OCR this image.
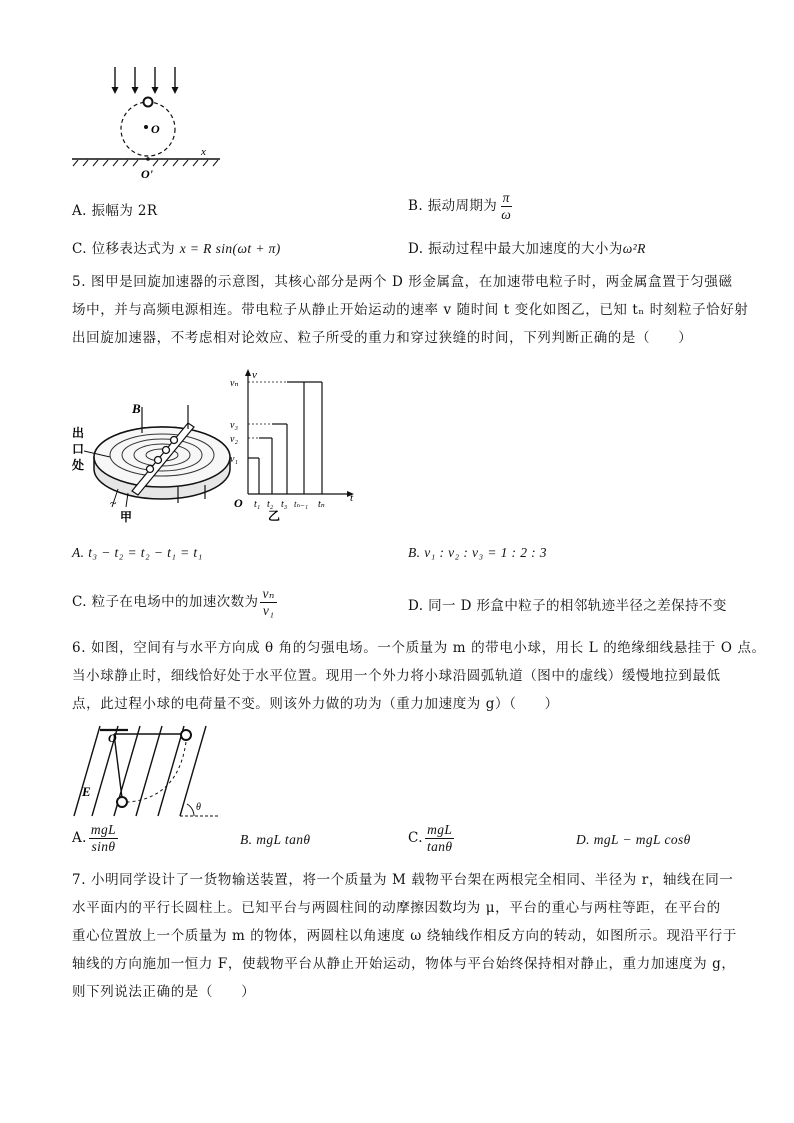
O
x
O'
A. 振幅为 2R	B. 振动周期为 $\frac{\pi}{\omega}$
C. 位移表达式为 x = R sin(ωt + π)	D. 振动过程中最大加速度的大小为ω²R
5. 图甲是回旋加速器的示意图，其核心部分是两个 D 形金属盒，在加速带电粒子时，两金属盒置于匀强磁
场中，并与高频电源相连。带电粒子从静止开始运动的速率 v 随时间 t 变化如图乙，已知 tₙ 时刻粒子恰好射
出回旋加速器，不考虑相对论效应、粒子所受的重力和穿过狭缝的时间，下列判断正确的是（　　）
出
口
处
B
~
甲
v
t
O
vₙ
v₃
v₂
v₁
t₁ t₂ t₃ tₙ₋₁ tₙ
乙
A. t₃ − t₂ = t₂ − t₁ = t₁	B. v₁ : v₂ : v₃ = 1 : 2 : 3
C. 粒子在电场中的加速次数为 $\frac{\text{vₙ}}{\text{v₁}}$	D. 同一 D 形盒中粒子的相邻轨迹半径之差保持不变
6. 如图，空间有与水平方向成 θ 角的匀强电场。一个质量为 m 的带电小球，用长 L 的绝缘细线悬挂于 O 点。
当小球静止时，细线恰好处于水平位置。现用一个外力将小球沿圆弧轨道（图中的虚线）缓慢地拉到最低
点，此过程小球的电荷量不变。则该外力做的功为（重力加速度为 g）（　　）
O
E
θ
A. $\frac{\text{mgL}}{\sin\theta}$	B. mgL tanθ	C. $\frac{\text{mgL}}{\tan\theta}$	D. mgL − mgL cosθ
7. 小明同学设计了一货物输送装置，将一个质量为 M 载物平台架在两根完全相同、半径为 r，轴线在同一
水平面内的平行长圆柱上。已知平台与两圆柱间的动摩擦因数均为 μ，平台的重心与两柱等距，在平台的
重心位置放上一个质量为 m 的物体，两圆柱以角速度 ω 绕轴线作相反方向的转动，如图所示。现沿平行于
轴线的方向施加一恒力 F，使载物平台从静止开始运动，物体与平台始终保持相对静止，重力加速度为 g，
则下列说法正确的是（　　）
